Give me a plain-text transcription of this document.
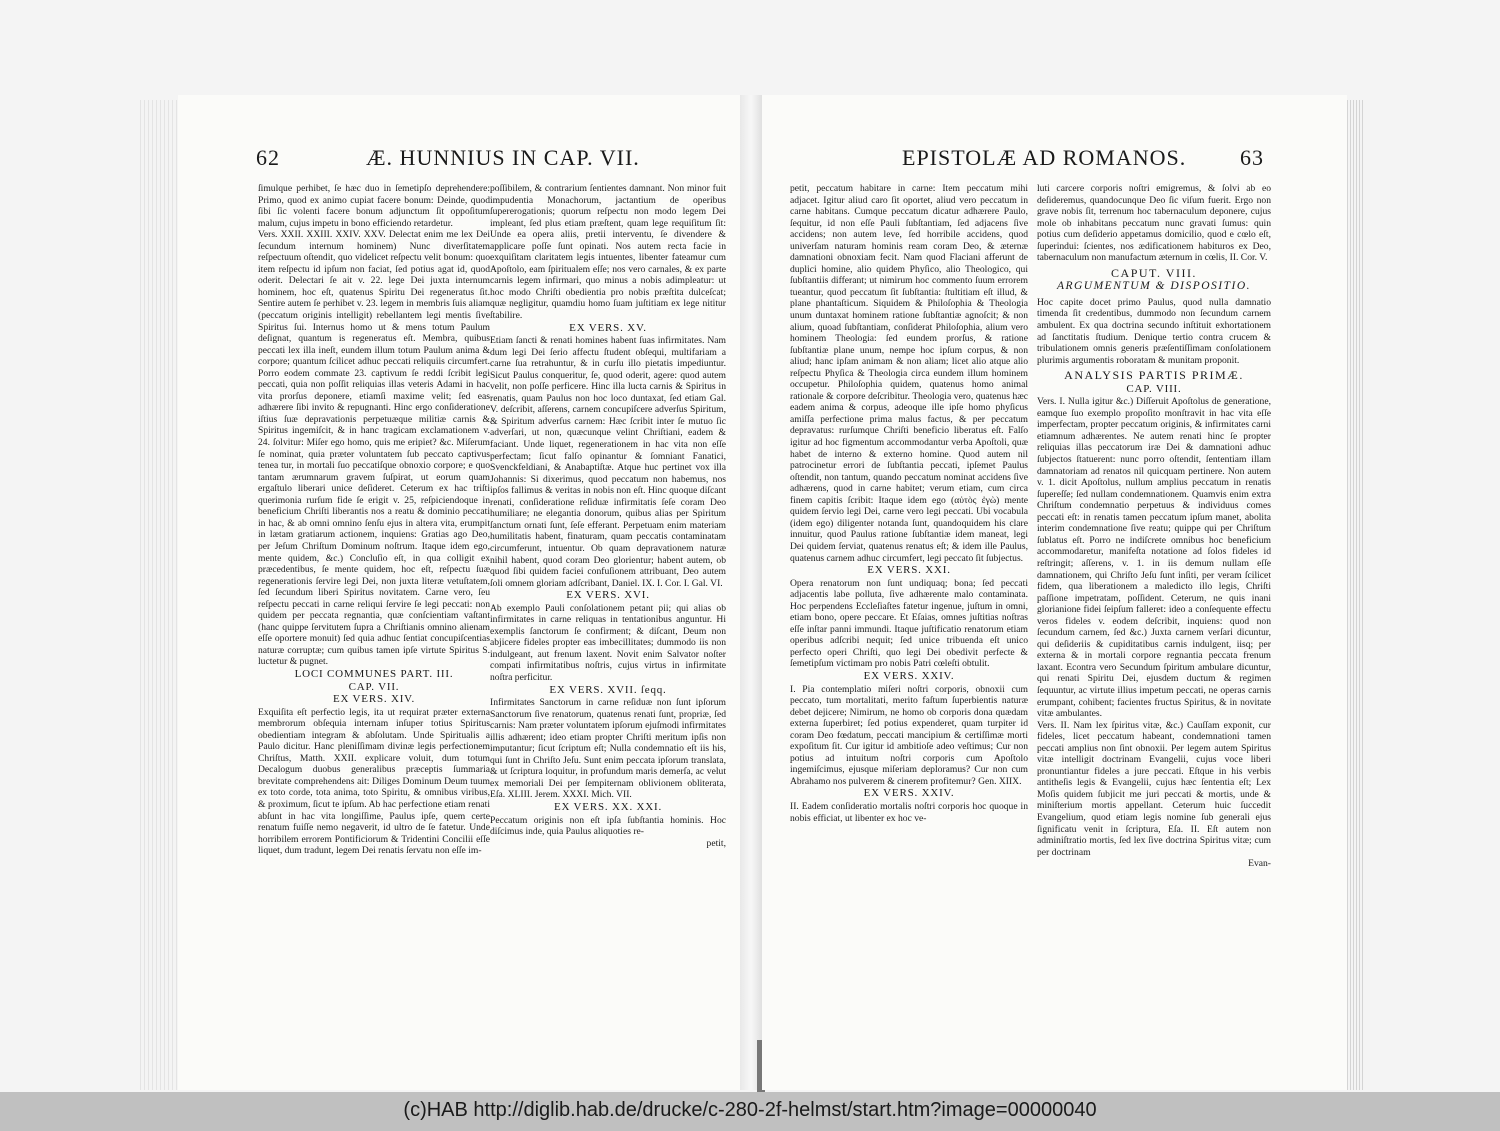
62	Æ. HUNNIUS IN CAP. VII.

ſimulque perhibet, ſe hæc duo in ſemetipſo deprehendere: Primo, quod ex animo cupiat facere bonum: Deinde, quod ſibi ſic volenti facere bonum adjunctum ſit oppoſitum malum, cujus impetu in bono efficiendo retardetur.

Vers. XXII. XXIII. XXIV. XXV. Delectat enim me lex Dei ſecundum internum hominem) Nunc diverſitatem reſpectuum oſtendit, quo videlicet reſpectu velit bonum: quo item reſpectu id ipſum non faciat, ſed potius agat id, quod oderit. Delectari ſe ait v. 22. lege Dei juxta internum hominem, hoc eſt, quatenus Spiritu Dei regeneratus ſit. Sentire autem ſe perhibet v. 23. legem in membris ſuis aliam (peccatum originis intelligit) rebellantem legi mentis ſive Spiritus ſui. Internus homo ut & mens totum Paulum deſignat, quantum is regeneratus eſt. Membra, quibus peccati lex illa ineſt, eundem illum totum Paulum anima & corpore; quantum ſcilicet adhuc peccati reliquiis circumfert. Porro eodem commate 23. captivum ſe reddi ſcribit legi peccati, quia non poſſit reliquias illas veteris Adami in hac vita prorſus deponere, etiamſi maxime velit; ſed eas adhærere ſibi invito & repugnanti. Hinc ergo conſideratione iſtius ſuæ depravationis perpetuæque militiæ carnis & Spiritus ingemiſcit, & in hanc tragicam exclamationem v. 24. ſolvitur: Miſer ego homo, quis me eripiet? &c. Miſerum ſe nominat, quia præter voluntatem ſub peccato captivus tenea tur, in mortali ſuo peccatiſque obnoxio corpore; e quo tantam ærumnarum gravem ſuſpirat, ut eorum quam ergaſtulo liberari unice deſideret. Ceterum ex hac triſti querimonia rurſum fide ſe erigit v. 25, reſpiciendoque in beneficium Chriſti liberantis nos a reatu & dominio peccati in hac, & ab omni omnino ſenſu ejus in altera vita, erumpit in lætam gratiarum actionem, inquiens: Gratias ago Deo, per Jeſum Chriſtum Dominum noſtrum. Itaque idem ego, mente quidem, &c.) Concluſio eſt, in qua colligit ex præcedentibus, ſe mente quidem, hoc eſt, reſpectu ſuæ regenerationis ſervire legi Dei, non juxta literæ vetuſtatem, ſed ſecundum liberi Spiritus novitatem. Carne vero, ſeu reſpectu peccati in carne reliqui ſervire ſe legi peccati: non quidem per peccata regnantia, quæ conſcientiam vaſtant (hanc quippe ſervitutem ſupra a Chriſtianis omnino alienam eſſe oportere monuit) ſed quia adhuc ſentiat concupiſcentias naturæ corruptæ; cum quibus tamen ipſe virtute Spiritus S. luctetur & pugnet.

LOCI COMMUNES PART. III.

CAP. VII.

EX VERS. XIV.

Exquiſita eſt perfectio legis, ita ut requirat præter externa membrorum obſequia internam inſuper totius Spiritus obedientiam integram & abſolutam. Unde Spiritualis a Paulo dicitur. Hanc pleniſſimam divinæ legis perfectionem Chriſtus, Matth. XXII. explicare voluit, dum totum Decalogum duobus generalibus præceptis ſummaria brevitate comprehendens ait: Diliges Dominum Deum tuum ex toto corde, tota anima, toto Spiritu, & omnibus viribus, & proximum, ſicut te ipſum. Ab hac perfectione etiam renati abſunt in hac vita longiſſime, Paulus ipſe, quem certe renatum fuiſſe nemo negaverit, id ultro de ſe fatetur. Unde horribilem errorem Pontificiorum & Tridentini Concilii eſſe liquet, dum tradunt, legem Dei renatis ſervatu non eſſe im-

poſſibilem, & contrarium ſentientes damnant. Non minor fuit impudentia Monachorum, jactantium de operibus ſupererogationis; quorum reſpectu non modo legem Dei impleant, ſed plus etiam præſtent, quam lege requiſitum ſit: Unde ea opera aliis, pretii interventu, ſe divendere & applicare poſſe ſunt opinati. Nos autem recta facie in exquiſitam claritatem legis intuentes, libenter fateamur cum Apoſtolo, eam ſpiritualem eſſe; nos vero carnales, & ex parte carnis legem infirmari, quo minus a nobis adimpleatur: ut hoc modo Chriſti obedientia pro nobis præſtita dulceſcat; quæ negligitur, quamdiu homo ſuam juſtitiam ex lege nititur ſtabilire.

EX VERS. XV.

Etiam ſancti & renati homines habent ſuas infirmitates. Nam dum legi Dei ſerio affectu ſtudent obſequi, multifariam a carne ſua retrahuntur, & in curſu illo pietatis impediuntur. Sicut Paulus conqueritur, ſe, quod oderit, agere: quod autem velit, non poſſe perficere. Hinc illa lucta carnis & Spiritus in renatis, quam Paulus non hoc loco duntaxat, ſed etiam Gal. V. deſcribit, aſſerens, carnem concupiſcere adverſus Spiritum, & Spiritum adverſus carnem: Hæc ſcribit inter ſe mutuo ſic adverſari, ut non, quæcunque velint Chriſtiani, eadem & faciant. Unde liquet, regenerationem in hac vita non eſſe perfectam; ſicut falſo opinantur & ſomniant Fanatici, Svenckfeldiani, & Anabaptiſtæ. Atque huc pertinet vox illa Johannis: Si dixerimus, quod peccatum non habemus, nos ipſos fallimus & veritas in nobis non eſt. Hinc quoque diſcant renati, conſideratione reſiduæ infirmitatis ſeſe coram Deo humiliare; ne elegantia donorum, quibus alias per Spiritum ſanctum ornati ſunt, ſeſe efferant. Perpetuam enim materiam humilitatis habent, finaturam, quam peccatis contaminatam circumferunt, intuentur. Ob quam depravationem naturæ nihil habent, quod coram Deo glorientur; habent autem, ob quod ſibi quidem faciei confuſionem attribuant, Deo autem ſoli omnem gloriam adſcribant, Daniel. IX. I. Cor. I. Gal. VI.

EX VERS. XVI.

Ab exemplo Pauli conſolationem petant pii; qui alias ob infirmitates in carne reliquas in tentationibus anguntur. Hi exemplis ſanctorum ſe confirment; & diſcant, Deum non abjicere fideles propter eas imbecillitates; dummodo iis non indulgeant, aut frenum laxent. Novit enim Salvator noſter compati infirmitatibus noſtris, cujus virtus in infirmitate noſtra perficitur.

EX VERS. XVII. ſeqq.

Infirmitates Sanctorum in carne reſiduæ non ſunt ipſorum Sanctorum ſive renatorum, quatenus renati ſunt, propriæ, ſed carnis: Nam præter voluntatem ipſorum ejuſmodi infirmitates illis adhærent; ideo etiam propter Chriſti meritum ipſis non imputantur; ſicut ſcriptum eſt; Nulla condemnatio eſt iis his, qui ſunt in Chriſto Jeſu. Sunt enim peccata ipſorum translata, & ut ſcriptura loquitur, in profundum maris demerſa, ac velut ex memoriali Dei per ſempiternam oblivionem obliterata, Eſa. XLIII. Jerem. XXXI. Mich. VII.

EX VERS. XX. XXI.

Peccatum originis non eſt ipſa ſubſtantia hominis. Hoc diſcimus inde, quia Paulus aliquoties re-

petit,

EPISTOLÆ AD ROMANOS. 63

petit, peccatum habitare in carne: Item peccatum mihi adjacet. Igitur aliud caro ſit oportet, aliud vero peccatum in carne habitans. Cumque peccatum dicatur adhærere Paulo, ſequitur, id non eſſe Pauli ſubſtantiam, ſed adjacens ſive accidens; non autem leve, ſed horribile accidens, quod univerſam naturam hominis ream coram Deo, & æternæ damnationi obnoxiam fecit. Nam quod Flaciani afferunt de duplici homine, alio quidem Phyſico, alio Theologico, qui ſubſtantiis differant; ut nimirum hoc commento ſuum errorem tueantur, quod peccatum ſit ſubſtantia: ſtultitiam eſt illud, & plane phantaſticum. Siquidem & Philoſophia & Theologia unum duntaxat hominem ratione ſubſtantiæ agnoſcit; & non alium, quoad ſubſtantiam, conſiderat Philoſophia, alium vero hominem Theologia: ſed eundem prorſus, & ratione ſubſtantiæ plane unum, nempe hoc ipſum corpus, & non aliud; hanc ipſam animam & non aliam; licet alio atque alio reſpectu Phyſica & Theologia circa eundem illum hominem occupetur. Philoſophia quidem, quatenus homo animal rationale & corpore deſcribitur. Theologia vero, quatenus hæc eadem anima & corpus, adeoque ille ipſe homo phyſicus amiſſa perfectione prima malus factus, & per peccatum depravatus: rurſumque Chriſti beneficio liberatus eſt. Falſo igitur ad hoc figmentum accommodantur verba Apoſtoli, quæ habet de interno & externo homine. Quod autem nil patrocinetur errori de ſubſtantia peccati, ipſemet Paulus oſtendit, non tantum, quando peccatum nominat accidens ſive adhærens, quod in carne habitet; verum etiam, cum circa finem capitis ſcribit: Itaque idem ego (αὐτὸς ἐγὼ) mente quidem ſervio legi Dei, carne vero legi peccati. Ubi vocabula (idem ego) diligenter notanda ſunt, quandoquidem his clare innuitur, quod Paulus ratione ſubſtantiæ idem maneat, legi Dei quidem ſerviat, quatenus renatus eſt; & idem ille Paulus, quatenus carnem adhuc circumfert, legi peccato ſit ſubjectus.

EX VERS. XXI.

Opera renatorum non ſunt undiquaq; bona; ſed peccati adjacentis labe polluta, ſive adhærente malo contaminata. Hoc perpendens Eccleſiaſtes fatetur ingenue, juſtum in omni, etiam bono, opere peccare. Et Eſaias, omnes juſtitias noſtras eſſe inſtar panni immundi. Itaque juſtificatio renatorum etiam operibus adſcribi nequit; ſed unice tribuenda eſt unico perfecto operi Chriſti, quo legi Dei obedivit perfecte & ſemetipſum victimam pro nobis Patri cœleſti obtulit.

EX VERS. XXIV.

I. Pia contemplatio miſeri noſtri corporis, obnoxii cum peccato, tum mortalitati, merito faſtum ſuperbientis naturæ debet dejicere; Nimirum, ne homo ob corporis dona quædam externa ſuperbiret; ſed potius expenderet, quam turpiter id coram Deo fœdatum, peccati mancipium & certiſſimæ morti expoſitum ſit. Cur igitur id ambitioſe adeo veſtimus; Cur non potius ad intuitum noſtri corporis cum Apoſtolo ingemiſcimus, ejusque miſeriam deploramus? Cur non cum Abrahamo nos pulverem & cinerem profitemur? Gen. XIIX.

EX VERS. XXIV.

II. Eadem conſideratio mortalis noſtri corporis hoc quoque in nobis efficiat, ut libenter ex hoc ve-

luti carcere corporis noſtri emigremus, & ſolvi ab eo deſideremus, quandocunque Deo ſic viſum fuerit. Ergo non grave nobis ſit, terrenum hoc tabernaculum deponere, cujus mole ob inhabitans peccatum nunc gravati ſumus: quin potius cum deſiderio appetamus domicilio, quod e cœlo eſt, ſuperindui: ſcientes, nos ædificationem habituros ex Deo, tabernaculum non manufactum æternum in cœlis, II. Cor. V.

CAPUT. VIII.

ARGUMENTUM & DISPOSITIO.

Hoc capite docet primo Paulus, quod nulla damnatio timenda ſit credentibus, dummodo non ſecundum carnem ambulent. Ex qua doctrina secundo inſtituit exhortationem ad ſanctitatis ſtudium. Denique tertio contra crucem & tribulationem omnis generis præſentiſſimam conſolationem plurimis argumentis roboratam & munitam proponit.

ANALYSIS PARTIS PRIMÆ.

CAP. VIII.

Vers. I. Nulla igitur &c.) Diſſeruit Apoſtolus de generatione, eamque ſuo exemplo propoſito monſtravit in hac vita eſſe imperfectam, propter peccatum originis, & infirmitates carni etiamnum adhærentes. Ne autem renati hinc ſe propter reliquias illas peccatorum iræ Dei & damnationi adhuc ſubjectos ſtatuerent: nunc porro oſtendit, ſententiam illam damnatoriam ad renatos nil quicquam pertinere. Non autem v. 1. dicit Apoſtolus, nullum amplius peccatum in renatis ſupereſſe; ſed nullam condemnationem. Quamvis enim extra Chriſtum condemnatio perpetuus & individuus comes peccati eſt: in renatis tamen peccatum ipſum manet, abolita interim condemnatione ſive reatu; quippe qui per Chriſtum ſublatus eſt. Porro ne indiſcrete omnibus hoc beneficium accommodaretur, manifeſta notatione ad ſolos fideles id reſtringit; aſſerens, v. 1. in iis demum nullam eſſe damnationem, qui Chriſto Jeſu ſunt inſiti, per veram ſcilicet fidem, qua liberationem a maledicto illo legis, Chriſti paſſione impetratam, poſſident. Ceterum, ne quis inani glorianione fidei ſeipſum falleret: ideo a conſequente effectu veros fideles v. eodem deſcribit, inquiens: quod non ſecundum carnem, ſed &c.) Juxta carnem verſari dicuntur, qui deſideriis & cupiditatibus carnis indulgent, iisq; per externa & in mortali corpore regnantia peccata frenum laxant. Econtra vero Secundum ſpiritum ambulare dicuntur, qui renati Spiritu Dei, ejusdem ductum & regimen ſequuntur, ac virtute illius impetum peccati, ne operas carnis erumpant, cohibent; facientes fructus Spiritus, & in novitate vitæ ambulantes.

Vers. II. Nam lex ſpiritus vitæ, &c.) Cauſſam exponit, cur fideles, licet peccatum habeant, condemnationi tamen peccati amplius non ſint obnoxii. Per legem autem Spiritus vitæ intelligit doctrinam Evangelii, cujus voce liberi pronuntiantur fideles a jure peccati. Eſtque in his verbis antitheſis legis & Evangelii, cujus hæc ſententia eſt; Lex Moſis quidem ſubjicit me juri peccati & mortis, unde & miniſterium mortis appellant. Ceterum huic ſuccedit Evangelium, quod etiam legis nomine ſub generali ejus ſignificatu venit in ſcriptura, Eſa. II. Eſt autem non adminiſtratio mortis, ſed lex ſive doctrina Spiritus vitæ; cum per doctrinam

Evan-

(c)HAB http://diglib.hab.de/drucke/c-280-2f-helmst/start.htm?image=00000040
